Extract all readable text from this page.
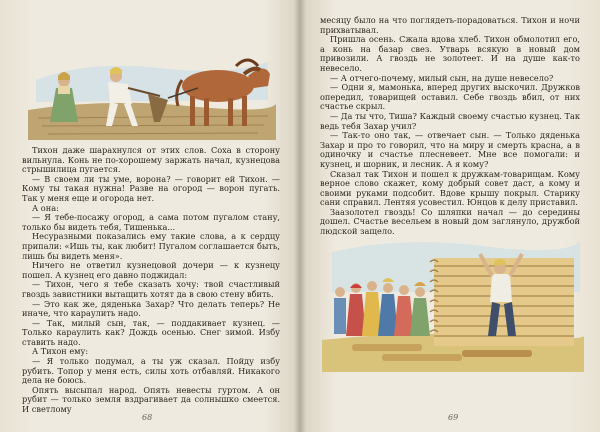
Тихон даже шарахнулся от этих слов. Соха в сторону вильнула. Конь не по-хорошему заржать начал, кузнецова стрышилица пугается.

— В своем ли ты уме, ворона? — говорит ей Тихон. — Кому ты такая нужна! Разве на огород — ворон пугать. Так у меня еще и огорода нет.

А она:

— Я тебе-посажу огород, а сама потом пугалом стану, только бы видеть тебя, Тишенька...

Несуразными показались ему такие слова, а к сердцу припали: «Ишь ты, как любит! Пугалом соглашается быть, лишь бы видеть меня».

Ничего не ответил кузнецовой дочери — к кузнецу пошел. А кузнец его давно поджидал:

— Тихон, чего я тебе сказать хочу: твой счастливый гвоздь завистники вытащить хотят да в свою стену вбить.

— Это как же, дяденька Захар? Что делать теперь? Не иначе, что караулить надо.

— Так, милый сын, так, — поддакивает кузнец. — Только караулить как? Дождь осенью. Снег зимой. Избу ставить надо.

А Тихон ему:

— Я только подумал, а ты уж сказал. Пойду избу рубить. Топор у меня есть, силы хоть отбавляй. Никакого дела не боюсь.

Опять высыпал народ. Опять невесты гуртом. А он рубит — только земля вздрагивает да солнышко смеется. И светлому

68

месяцу было на что поглядеть-порадоваться. Тихон и ночи прихватывал.

Пришла осень. Сжала вдова хлеб. Тихон обмолотил его, а конь на базар свез. Утварь всякую в новый дом привозили. А гвоздь не золотеет. И на душе как-то невесело.

— А отчего-почему, милый сын, на душе невесело?

— Одни я, мамонька, вперед других выскочил. Дружков опередил, товарищей оставил. Себе гвоздь вбил, от них счастье скрыл.

— Да ты что, Тиша? Каждый своему счастью кузнец. Так ведь тебя Захар учил?

— Так-то оно так, — отвечает сын. — Только дяденька Захар и про то говорил, что на миру и смерть красна, а в одиночку и счастье плесневеет. Мне все помогали: и кузнец, и шорник, и лесник. А я кому?

Сказал так Тихон и пошел к дружкам-товарищам. Кому верное слово скажет, кому добрый совет даст, а кому и своими руками подсобит. Вдове крышу покрыл. Старику сани справил. Лентяя усовестил. Юнцов к делу приставил.

Заазолотел гвоздь! Со шляпки начал — до середины дошел. Счастье весельем в новый дом заглянуло, дружбой людской защело.

69
